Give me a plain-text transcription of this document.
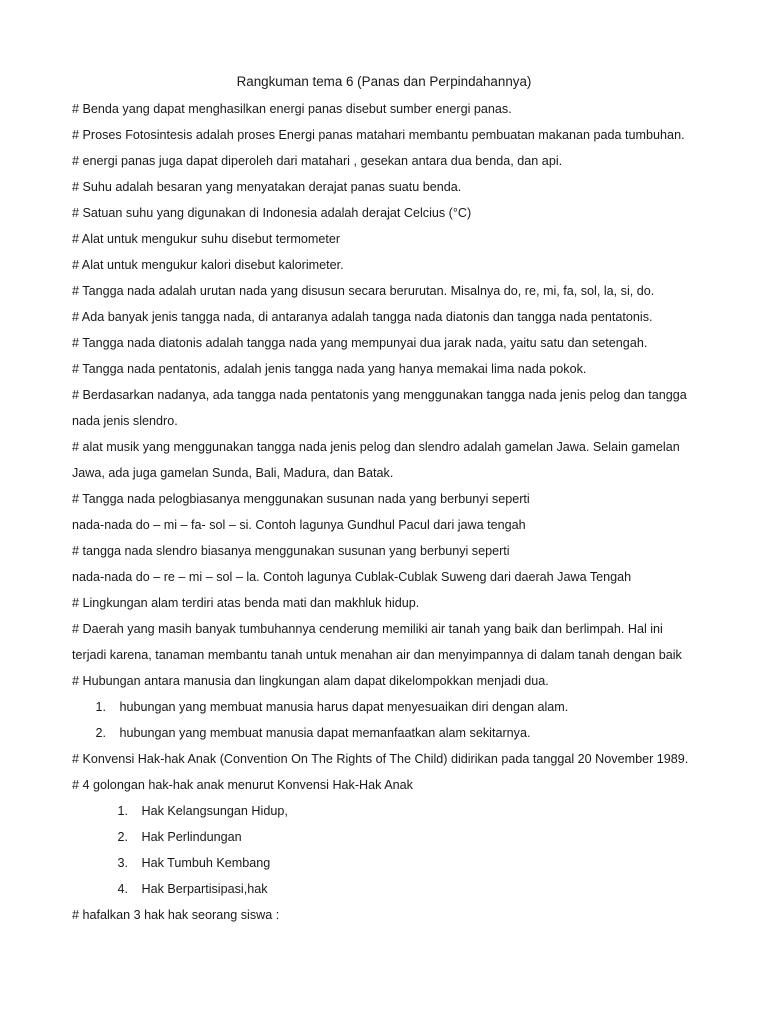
Rangkuman tema 6 (Panas dan Perpindahannya)
# Benda yang dapat menghasilkan energi panas disebut sumber energi panas.
# Proses Fotosintesis adalah proses Energi panas matahari membantu pembuatan makanan pada tumbuhan.
# energi panas juga dapat diperoleh dari matahari , gesekan antara dua benda, dan api.
# Suhu adalah besaran yang menyatakan derajat panas suatu benda.
# Satuan suhu yang digunakan di Indonesia adalah derajat Celcius (°C)
# Alat untuk mengukur suhu disebut termometer
# Alat untuk mengukur kalori disebut kalorimeter.
# Tangga nada adalah urutan nada yang disusun secara berurutan. Misalnya do, re, mi, fa, sol, la, si, do.
# Ada banyak jenis tangga nada, di antaranya adalah tangga nada diatonis dan tangga nada pentatonis.
# Tangga nada diatonis adalah tangga nada yang mempunyai dua jarak nada, yaitu satu dan setengah.
# Tangga nada pentatonis, adalah jenis tangga nada yang hanya memakai lima nada pokok.
# Berdasarkan nadanya, ada tangga nada pentatonis yang menggunakan tangga nada jenis pelog dan tangga
nada jenis slendro.
# alat musik yang menggunakan tangga nada jenis pelog dan slendro adalah gamelan Jawa. Selain gamelan
Jawa, ada juga gamelan Sunda, Bali, Madura, dan Batak.
# Tangga nada pelogbiasanya menggunakan susunan nada yang berbunyi seperti
nada-nada do – mi – fa- sol – si. Contoh lagunya Gundhul Pacul dari jawa tengah
# tangga nada slendro biasanya menggunakan susunan yang berbunyi seperti
nada-nada do – re – mi – sol – la. Contoh lagunya Cublak-Cublak Suweng dari daerah Jawa Tengah
# Lingkungan alam terdiri atas benda mati dan makhluk hidup.
# Daerah yang masih banyak tumbuhannya cenderung memiliki air tanah yang baik dan berlimpah. Hal ini
terjadi karena, tanaman membantu tanah untuk menahan air dan menyimpannya di dalam tanah dengan baik
# Hubungan antara manusia dan lingkungan alam dapat dikelompokkan menjadi dua.
1. hubungan yang membuat manusia harus dapat menyesuaikan diri dengan alam.
2. hubungan yang membuat manusia dapat memanfaatkan alam sekitarnya.
# Konvensi Hak-hak Anak (Convention On The Rights of The Child) didirikan pada tanggal 20 November 1989.
# 4 golongan hak-hak anak menurut Konvensi Hak-Hak Anak
1. Hak Kelangsungan Hidup,
2. Hak Perlindungan
3. Hak Tumbuh Kembang
4. Hak Berpartisipasi,hak
# hafalkan 3 hak hak seorang siswa :
